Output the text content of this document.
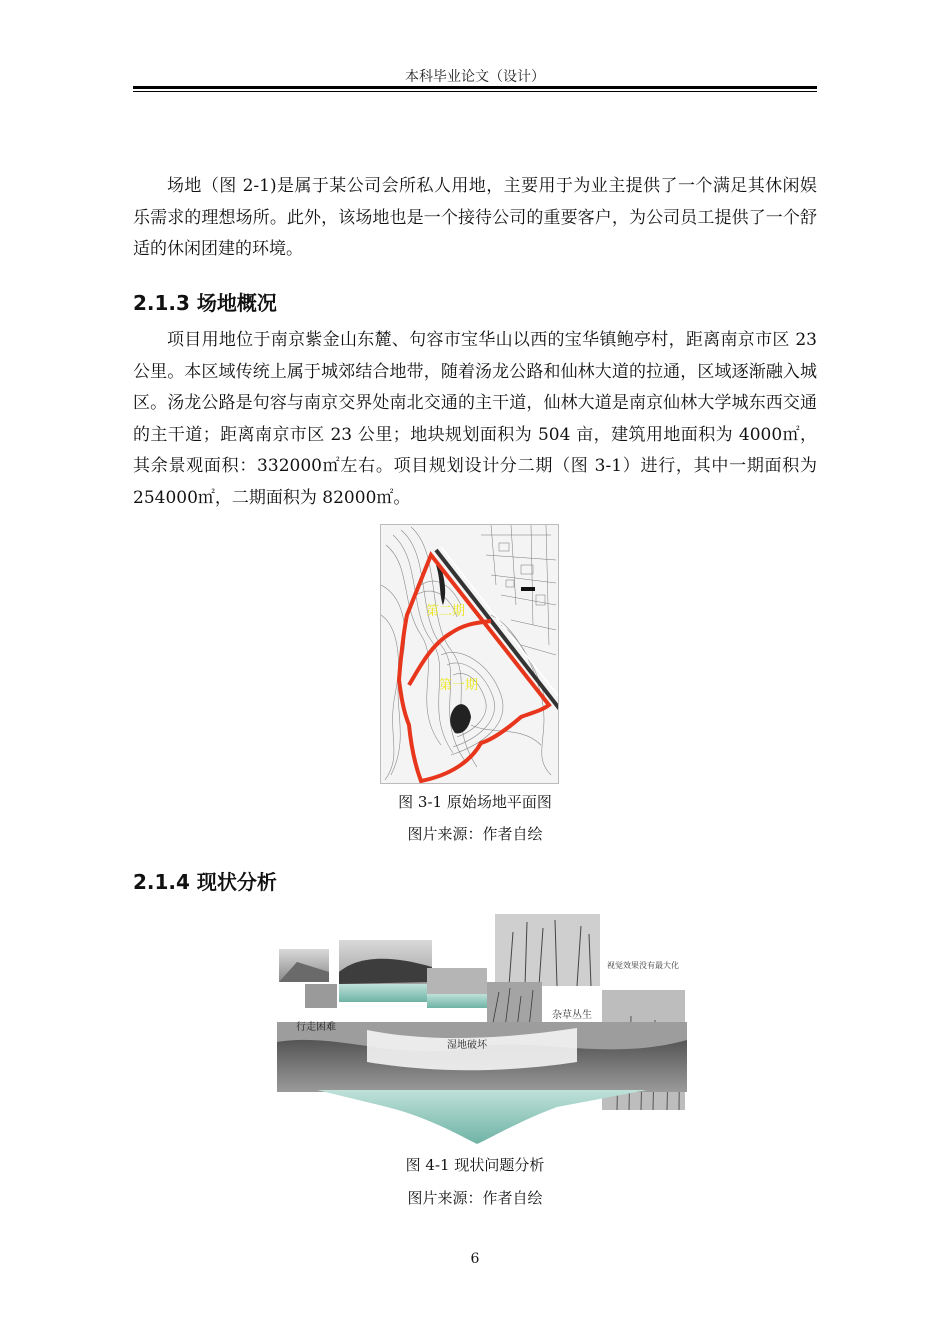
本科毕业论文（设计）

场地（图 2-1)是属于某公司会所私人用地，主要用于为业主提供了一个满足其休闲娱乐需求的理想场所。此外，该场地也是一个接待公司的重要客户，为公司员工提供了一个舒适的休闲团建的环境。

2.1.3 场地概况

项目用地位于南京紫金山东麓、句容市宝华山以西的宝华镇鲍亭村，距离南京市区 23 公里。本区域传统上属于城郊结合地带，随着汤龙公路和仙林大道的拉通，区域逐渐融入城区。汤龙公路是句容与南京交界处南北交通的主干道，仙林大道是南京仙林大学城东西交通的主干道；距离南京市区 23 公里；地块规划面积为 504 亩，建筑用地面积为 4000㎡，其余景观面积：332000㎡左右。项目规划设计分二期（图 3-1）进行，其中一期面积为 254000㎡，二期面积为 82000㎡。

第二期
第一期
图 3-1 原始场地平面图
图片来源：作者自绘
2.1.4 现状分析
杂草丛生
视觉效果没有最大化
行走困难
湿地破坏
图 4-1 现状问题分析
图片来源：作者自绘
6
